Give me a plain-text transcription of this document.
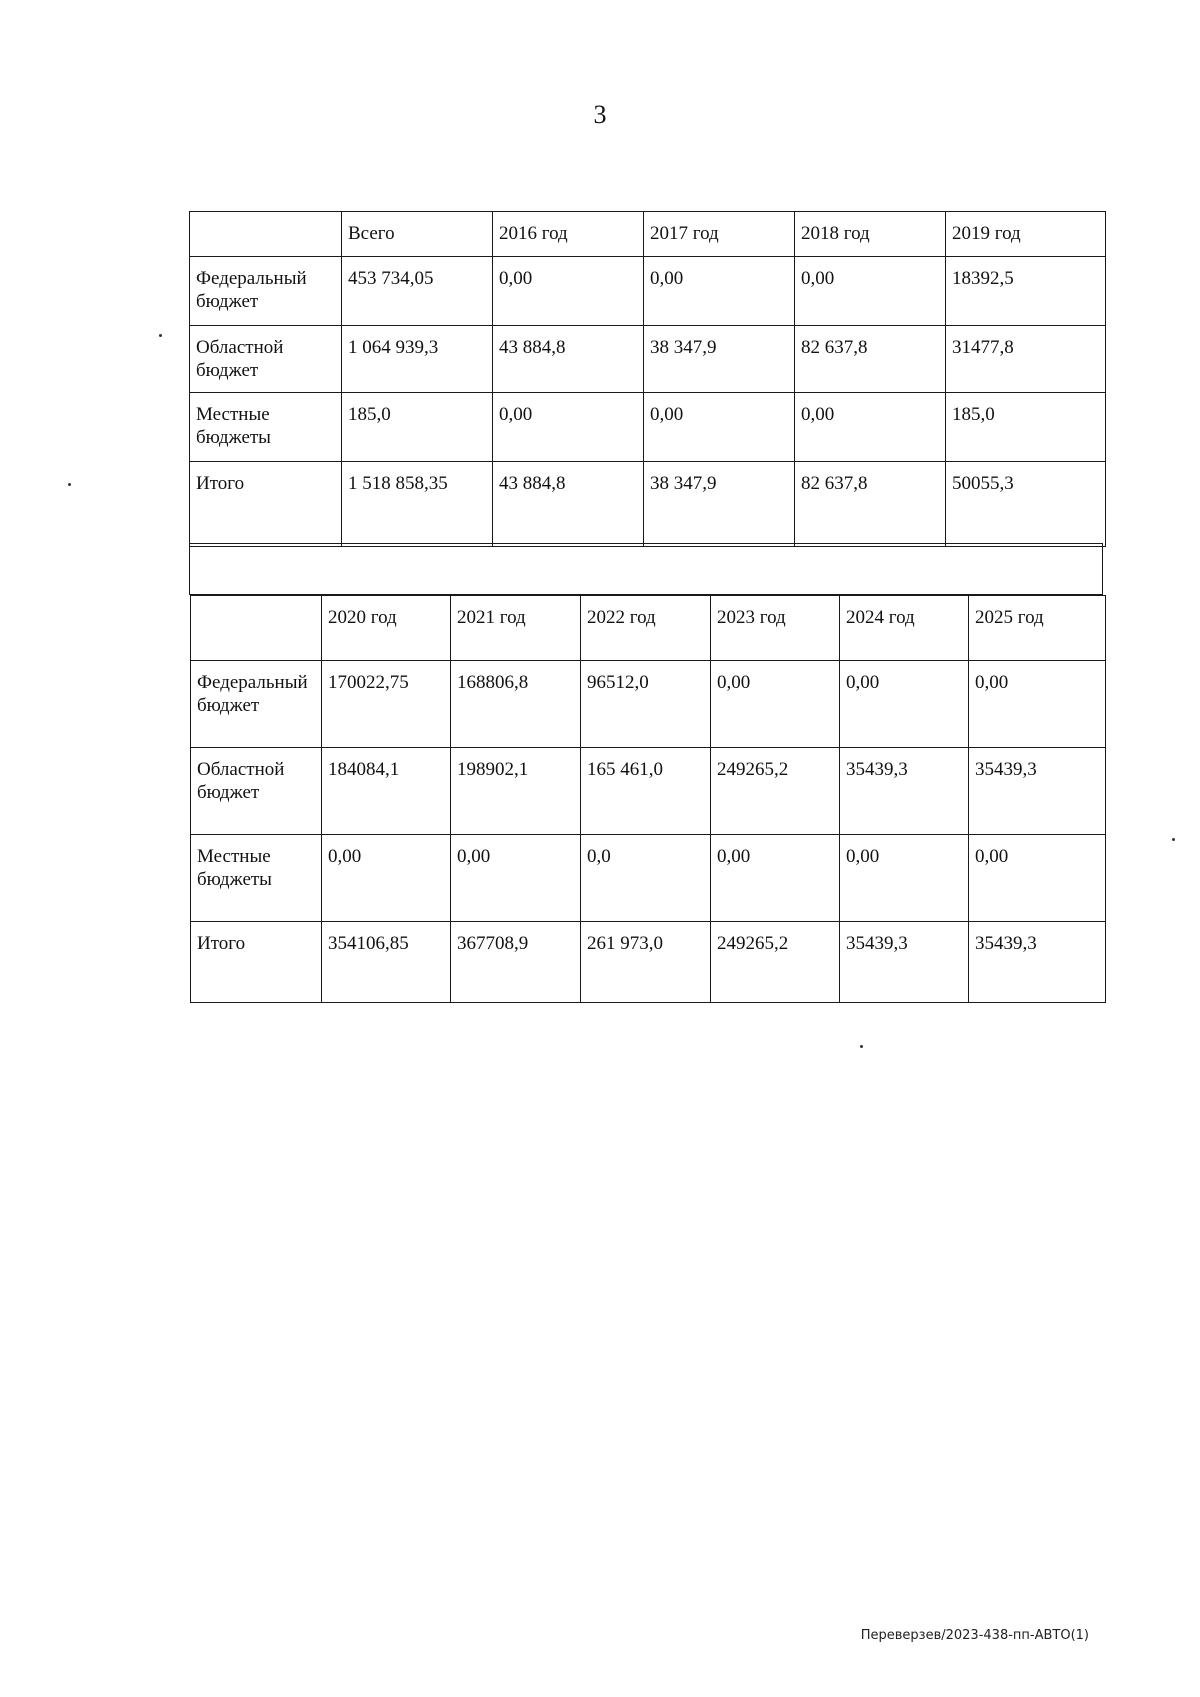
3
	Всего	2016 год	2017 год	2018 год	2019 год
Федеральный бюджет	453 734,05	0,00	0,00	0,00	18392,5
Областной бюджет	1 064 939,3	43 884,8	38 347,9	82 637,8	31477,8
Местные бюджеты	185,0	0,00	0,00	0,00	185,0
Итого	1 518 858,35	43 884,8	38 347,9	82 637,8	50055,3
	2020 год	2021 год	2022 год	2023 год	2024 год	2025 год
Федеральный бюджет	170022,75	168806,8	96512,0	0,00	0,00	0,00
Областной бюджет	184084,1	198902,1	165 461,0	249265,2	35439,3	35439,3
Местные бюджеты	0,00	0,00	0,0	0,00	0,00	0,00
Итого	354106,85	367708,9	261 973,0	249265,2	35439,3	35439,3
Переверзев/2023-438-пп-АВТО(1)
